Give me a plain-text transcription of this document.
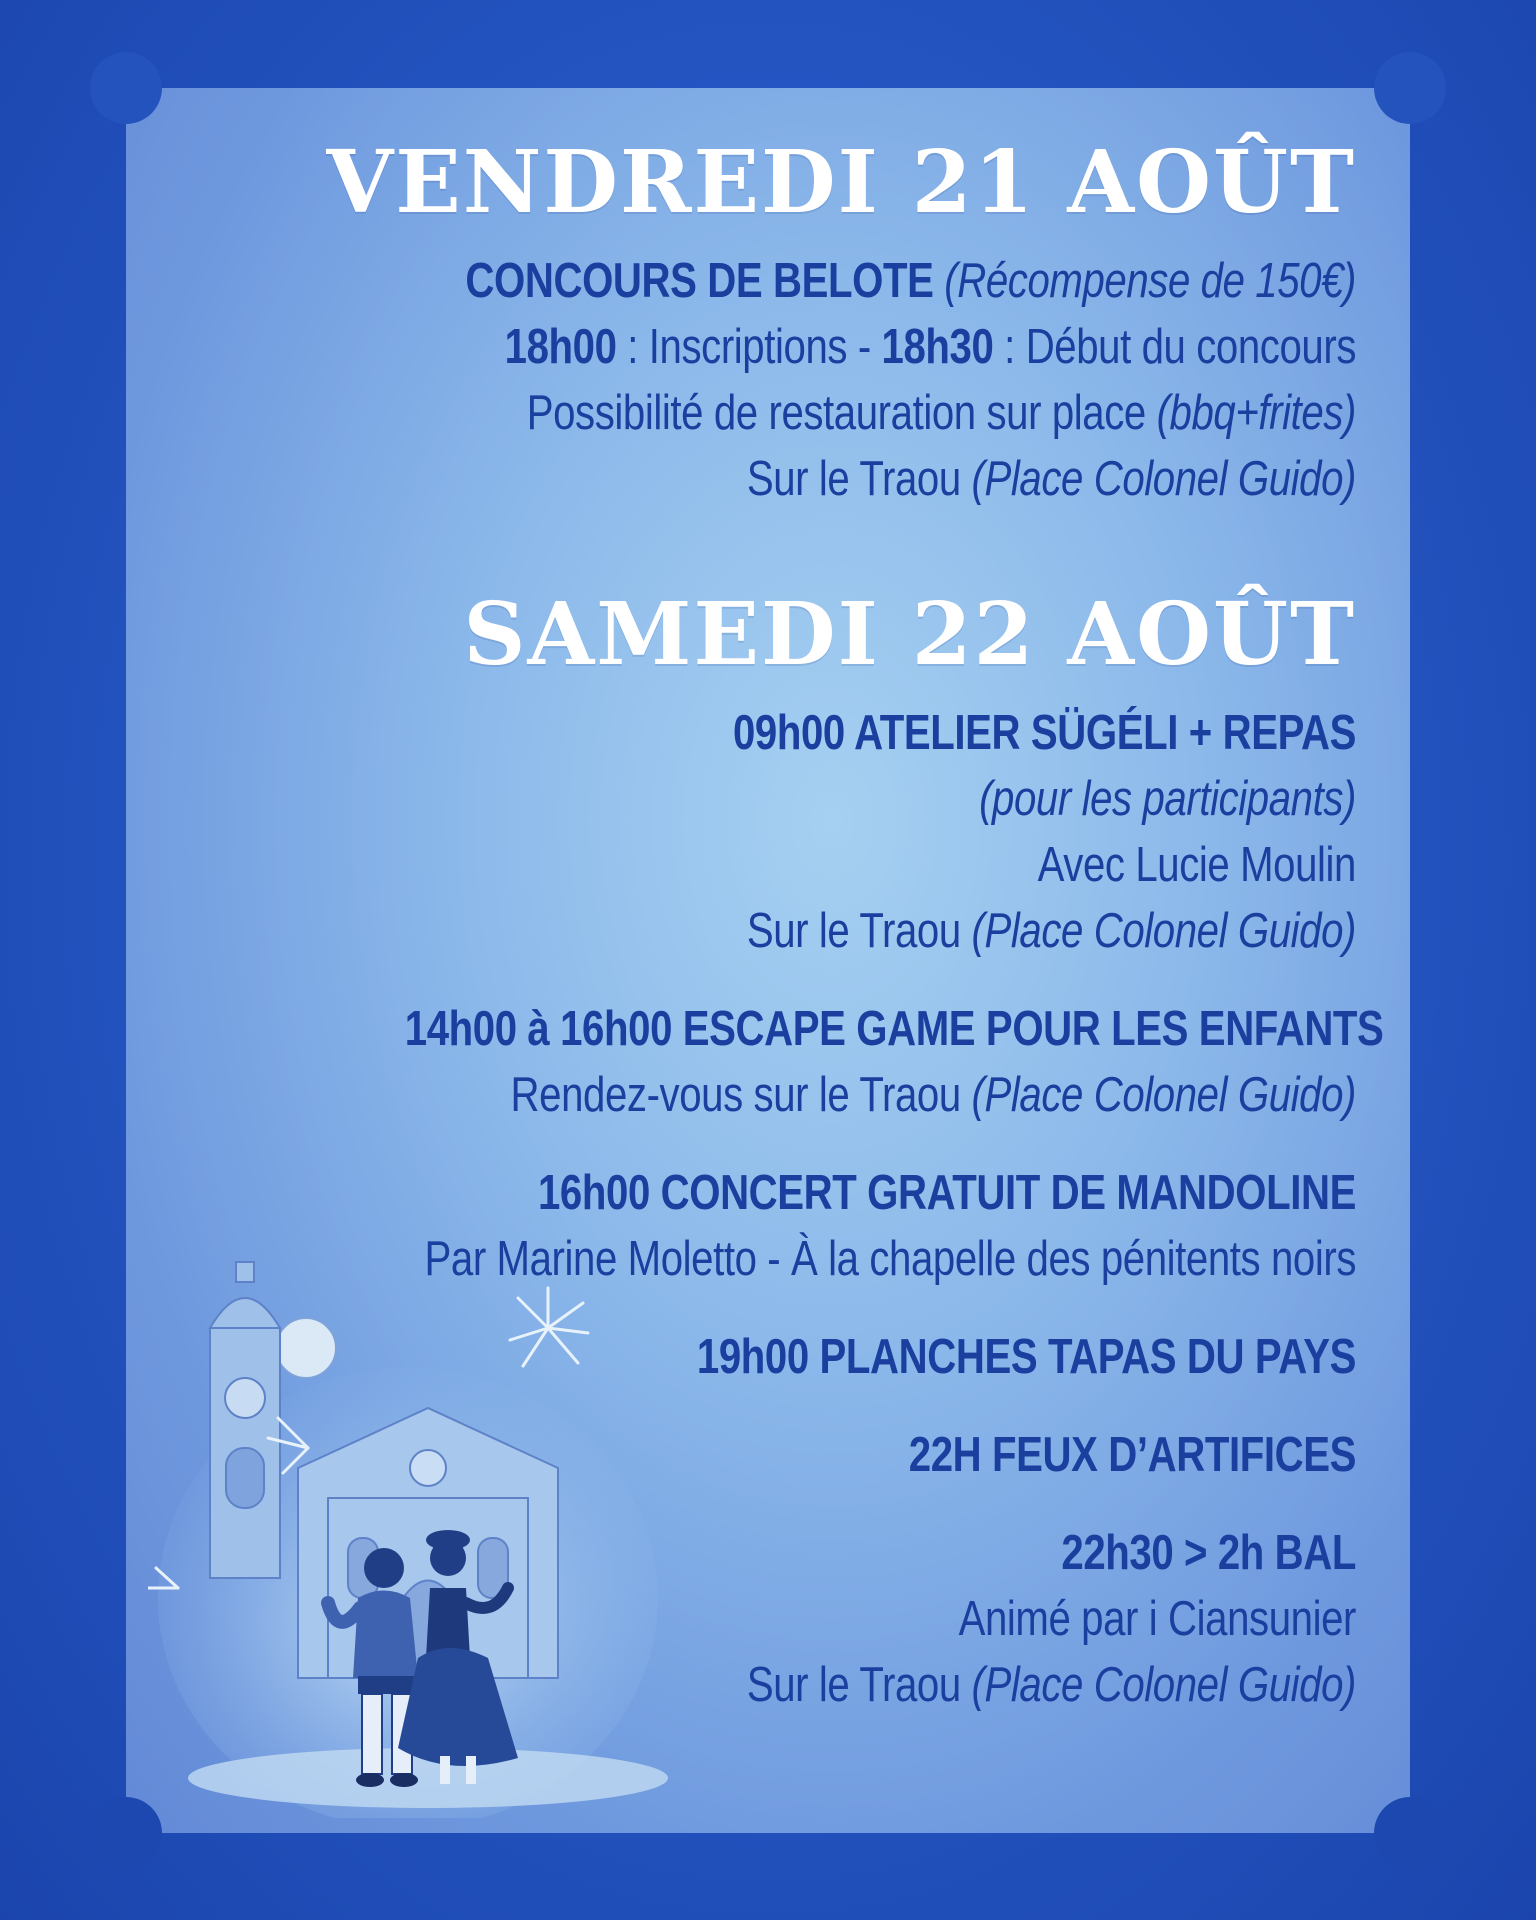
VENDREDI 21 AOÛT
CONCOURS DE BELOTE (Récompense de 150€)
18h00 : Inscriptions - 18h30 : Début du concours
Possibilité de restauration sur place (bbq+frites)
Sur le Traou (Place Colonel Guido)
SAMEDI 22 AOÛT
09h00 ATELIER SÜGÉLI + REPAS
(pour les participants)
Avec Lucie Moulin
Sur le Traou (Place Colonel Guido)
14h00 à 16h00 ESCAPE GAME POUR LES ENFANTS
Rendez-vous sur le Traou (Place Colonel Guido)
16h00 CONCERT GRATUIT DE MANDOLINE
Par Marine Moletto - À la chapelle des pénitents noirs
19h00 PLANCHES TAPAS DU PAYS
22H FEUX D’ARTIFICES
22h30 > 2h BAL
Animé par i Ciansunier
Sur le Traou (Place Colonel Guido)
